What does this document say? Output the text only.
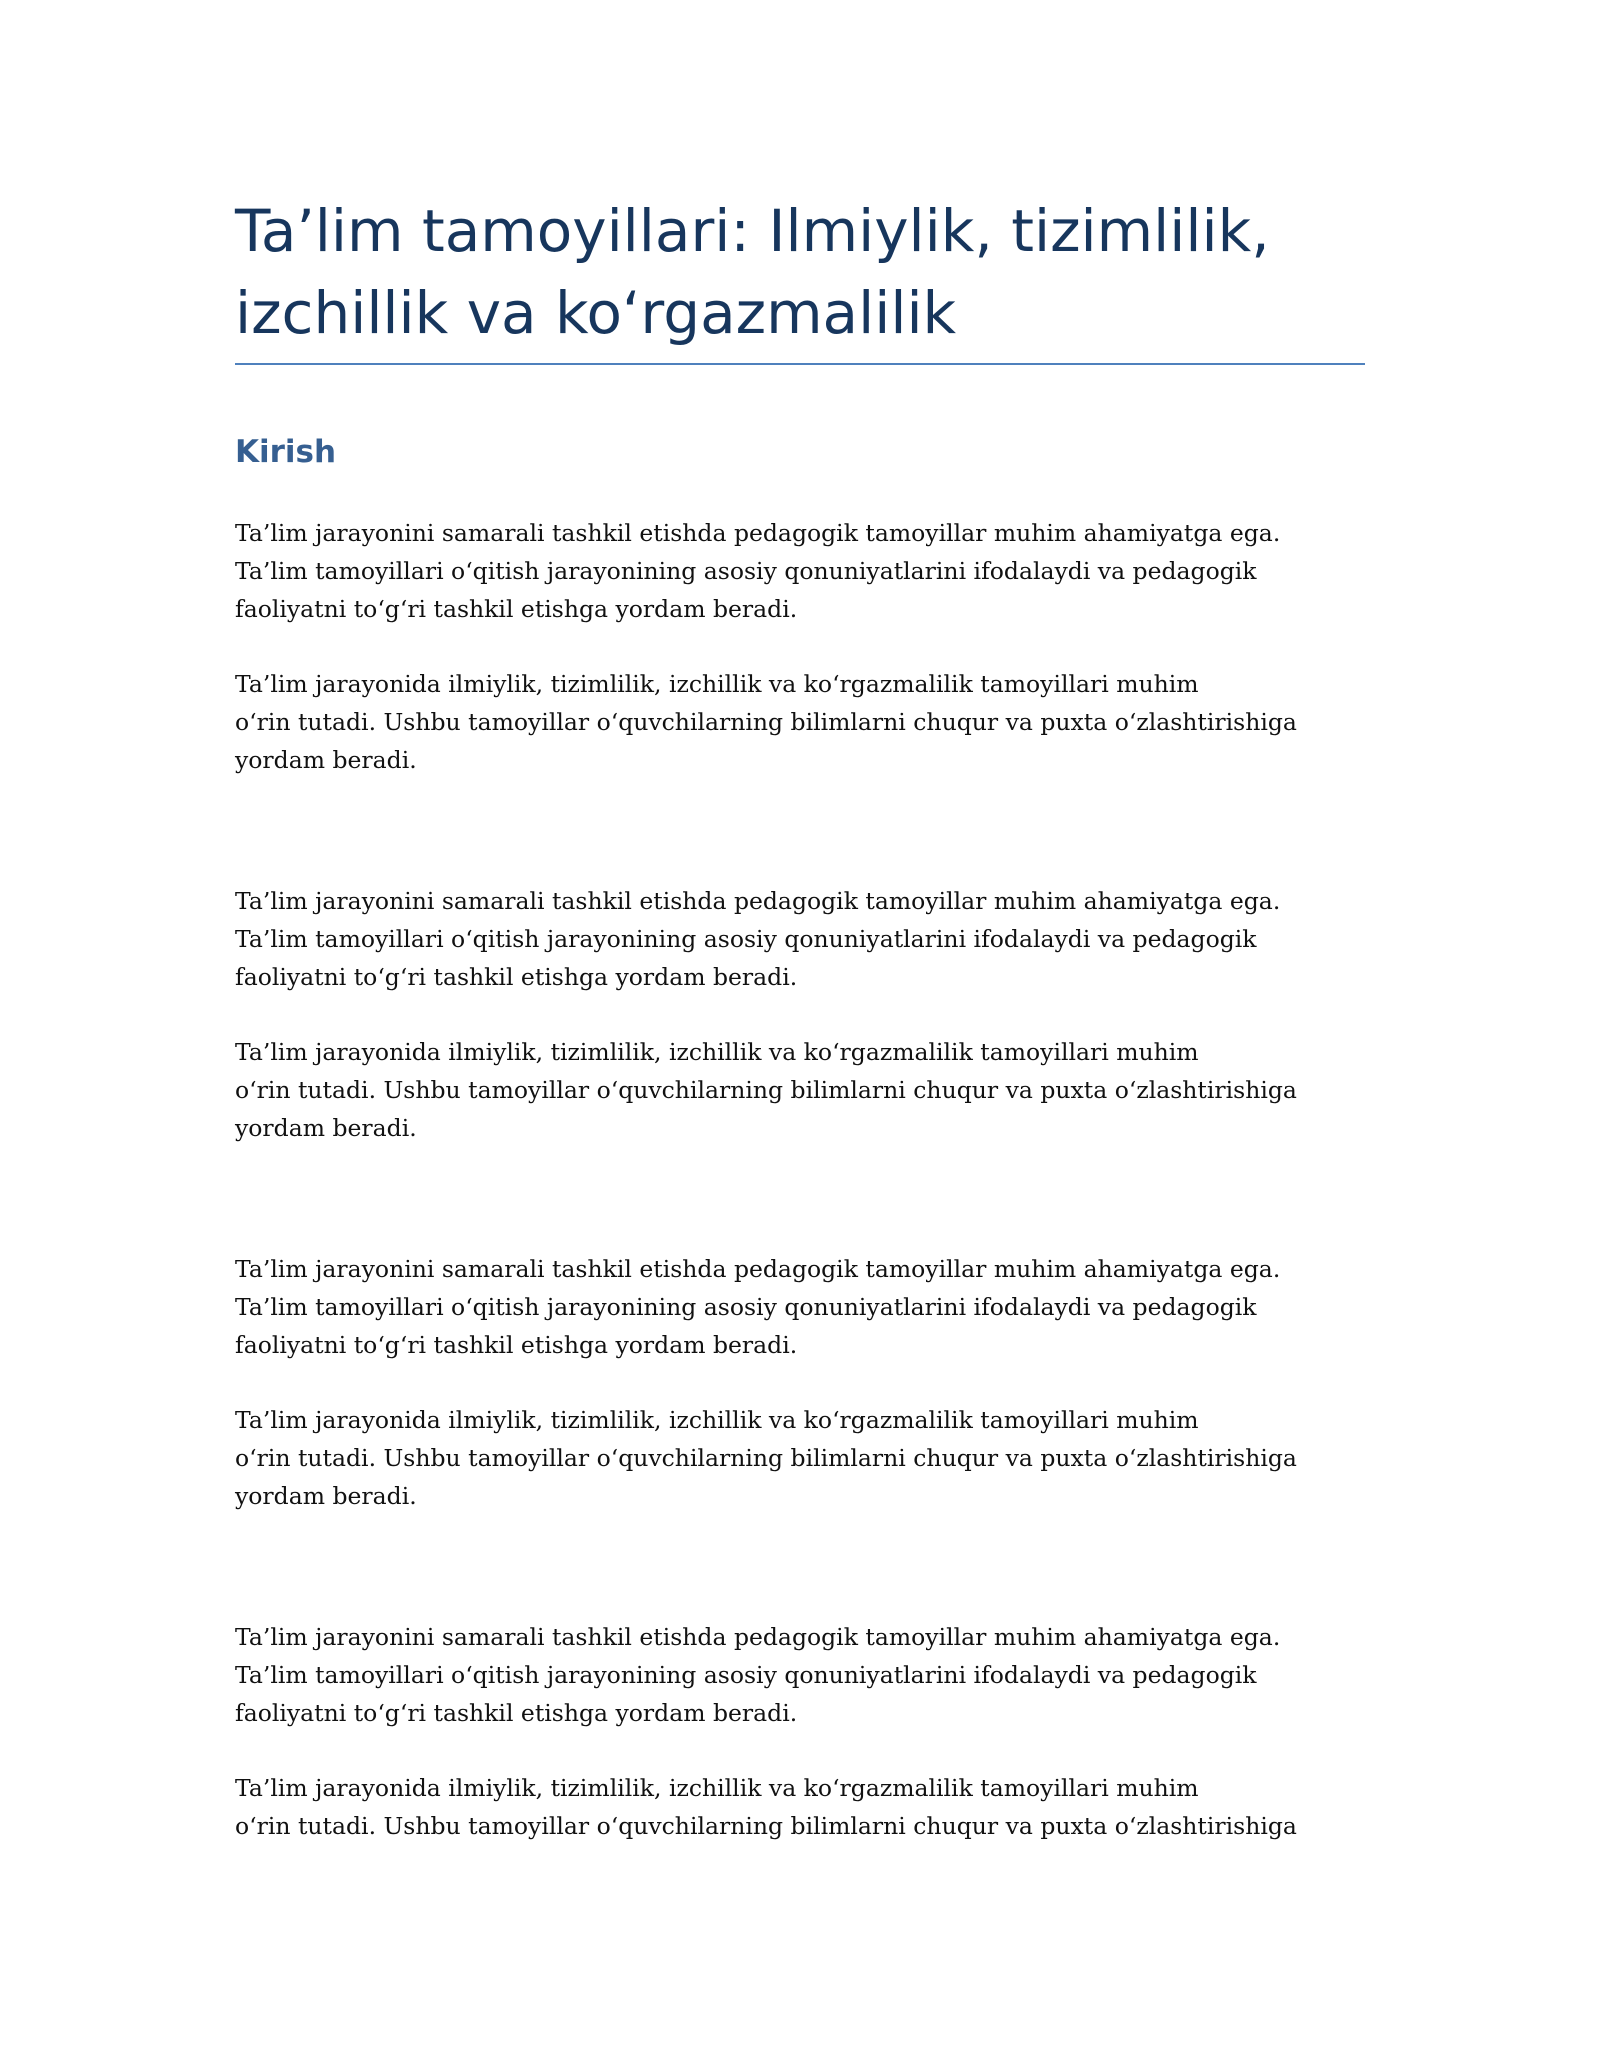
Ta’lim tamoyillari: Ilmiylik, tizimlilik,
izchillik va koʻrgazmalilik
Kirish

Ta’lim jarayonini samarali tashkil etishda pedagogik tamoyillar muhim ahamiyatga ega.
Ta’lim tamoyillari oʻqitish jarayonining asosiy qonuniyatlarini ifodalaydi va pedagogik
faoliyatni toʻgʻri tashkil etishga yordam beradi.

Ta’lim jarayonida ilmiylik, tizimlilik, izchillik va koʻrgazmalilik tamoyillari muhim
oʻrin tutadi. Ushbu tamoyillar oʻquvchilarning bilimlarni chuqur va puxta oʻzlashtirishiga
yordam beradi.

Ta’lim jarayonini samarali tashkil etishda pedagogik tamoyillar muhim ahamiyatga ega.
Ta’lim tamoyillari oʻqitish jarayonining asosiy qonuniyatlarini ifodalaydi va pedagogik
faoliyatni toʻgʻri tashkil etishga yordam beradi.

Ta’lim jarayonida ilmiylik, tizimlilik, izchillik va koʻrgazmalilik tamoyillari muhim
oʻrin tutadi. Ushbu tamoyillar oʻquvchilarning bilimlarni chuqur va puxta oʻzlashtirishiga
yordam beradi.

Ta’lim jarayonini samarali tashkil etishda pedagogik tamoyillar muhim ahamiyatga ega.
Ta’lim tamoyillari oʻqitish jarayonining asosiy qonuniyatlarini ifodalaydi va pedagogik
faoliyatni toʻgʻri tashkil etishga yordam beradi.

Ta’lim jarayonida ilmiylik, tizimlilik, izchillik va koʻrgazmalilik tamoyillari muhim
oʻrin tutadi. Ushbu tamoyillar oʻquvchilarning bilimlarni chuqur va puxta oʻzlashtirishiga
yordam beradi.

Ta’lim jarayonini samarali tashkil etishda pedagogik tamoyillar muhim ahamiyatga ega.
Ta’lim tamoyillari oʻqitish jarayonining asosiy qonuniyatlarini ifodalaydi va pedagogik
faoliyatni toʻgʻri tashkil etishga yordam beradi.

Ta’lim jarayonida ilmiylik, tizimlilik, izchillik va koʻrgazmalilik tamoyillari muhim
oʻrin tutadi. Ushbu tamoyillar oʻquvchilarning bilimlarni chuqur va puxta oʻzlashtirishiga
